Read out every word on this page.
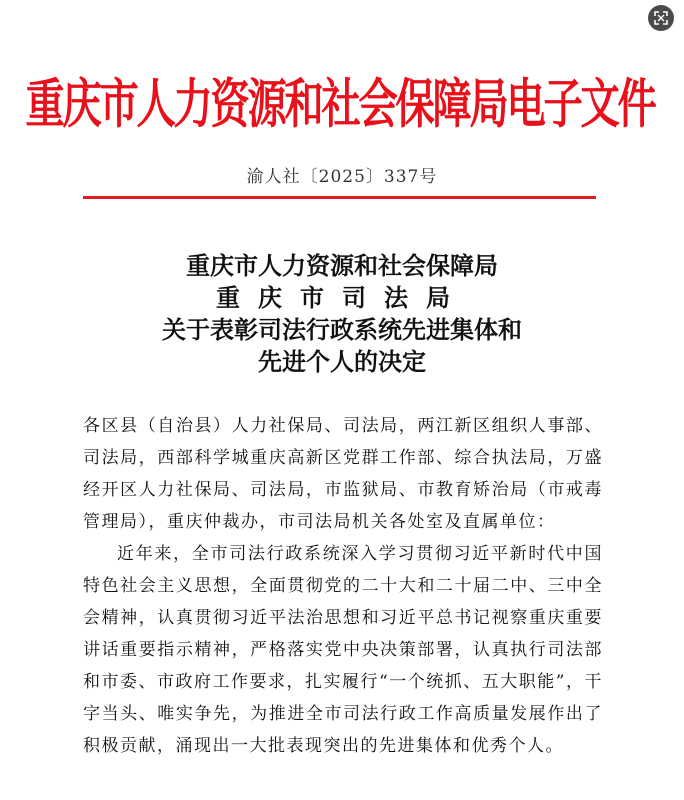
重庆市人力资源和社会保障局电子文件
渝人社〔2025〕337号
重庆市人力资源和社会保障局
重庆市司法局
关于表彰司法行政系统先进集体和
先进个人的决定

各区县（自治县）人力社保局、司法局，两江新区组织人事部、司法局，西部科学城重庆高新区党群工作部、综合执法局，万盛经开区人力社保局、司法局，市监狱局、市教育矫治局（市戒毒管理局），重庆仲裁办，市司法局机关各处室及直属单位：

近年来，全市司法行政系统深入学习贯彻习近平新时代中国特色社会主义思想，全面贯彻党的二十大和二十届二中、三中全会精神，认真贯彻习近平法治思想和习近平总书记视察重庆重要讲话重要指示精神，严格落实党中央决策部署，认真执行司法部和市委、市政府工作要求，扎实履行“一个统抓、五大职能”，干字当头、唯实争先，为推进全市司法行政工作高质量发展作出了积极贡献，涌现出一大批表现突出的先进集体和优秀个人。
